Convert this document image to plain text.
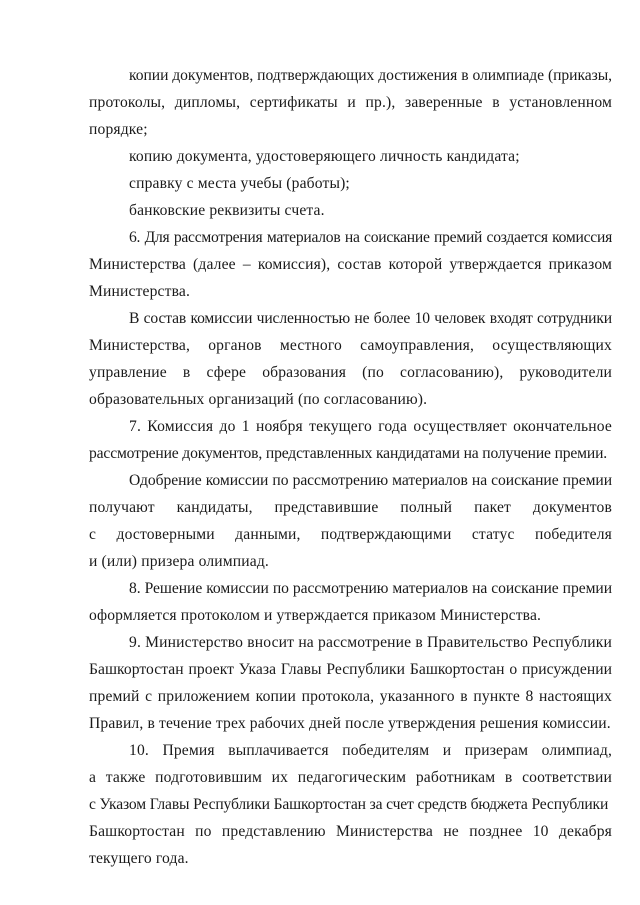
копии документов, подтверждающих достижения в олимпиаде (приказы,

протоколы, дипломы, сертификаты и пр.), заверенные в установленном

порядке;

копию документа, удостоверяющего личность кандидата;

справку с места учебы (работы);

банковские реквизиты счета.

6. Для рассмотрения материалов на соискание премий создается комиссия

Министерства (далее – комиссия), состав которой утверждается приказом

Министерства.

В состав комиссии численностью не более 10 человек входят сотрудники

Министерства, органов местного самоуправления, осуществляющих

управление в сфере образования (по согласованию), руководители

образовательных организаций (по согласованию).

7. Комиссия до 1 ноября текущего года осуществляет окончательное

рассмотрение документов, представленных кандидатами на получение премии.

Одобрение комиссии по рассмотрению материалов на соискание премии

получают кандидаты, представившие полный пакет документов

с достоверными данными, подтверждающими статус победителя

и (или) призера олимпиад.

8. Решение комиссии по рассмотрению материалов на соискание премии

оформляется протоколом и утверждается приказом Министерства.

9. Министерство вносит на рассмотрение в Правительство Республики

Башкортостан проект Указа Главы Республики Башкортостан о присуждении

премий с приложением копии протокола, указанного в пункте 8 настоящих

Правил, в течение трех рабочих дней после утверждения решения комиссии.

10. Премия выплачивается победителям и призерам олимпиад,

а также подготовившим их педагогическим работникам в соответствии

с Указом Главы Республики Башкортостан за счет средств бюджета Республики

Башкортостан по представлению Министерства не позднее 10 декабря

текущего года.
